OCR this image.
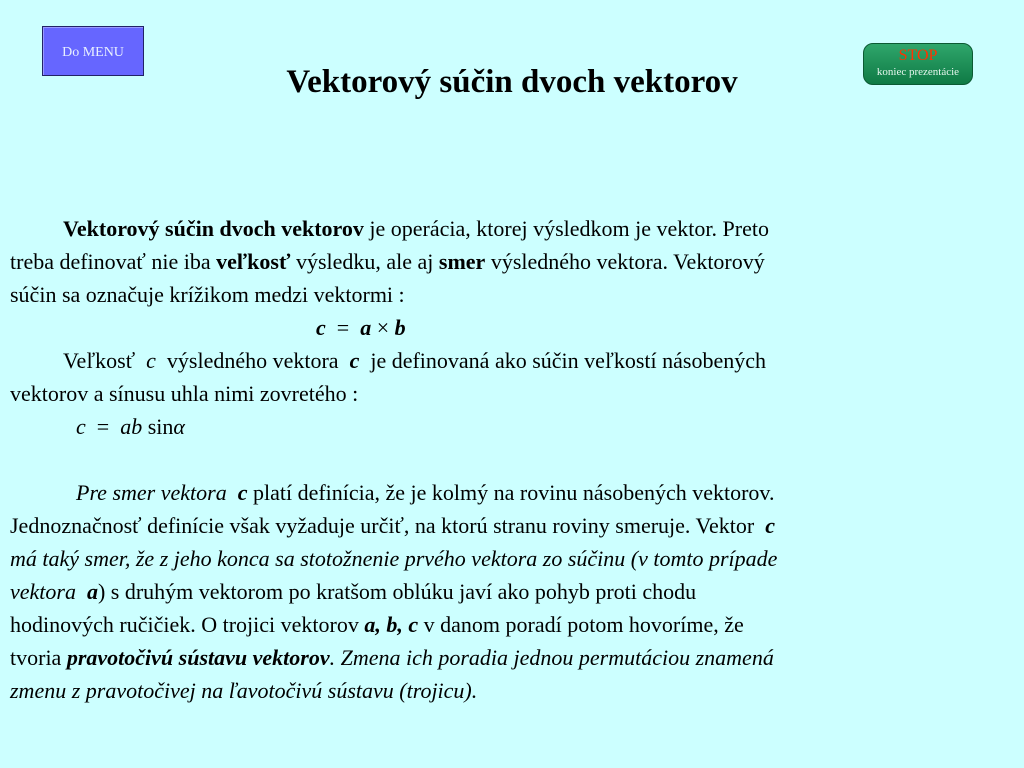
Do MENU	STOP
koniec prezentácie
Vektorový súčin dvoch vektorov
Vektorový súčin dvoch vektorov je operácia, ktorej výsledkom je vektor. Preto
treba definovať nie iba veľkosť výsledku, ale aj smer výsledného vektora. Vektorový
súčin sa označuje krížikom medzi vektormi :
c  =  a × b
Veľkosť  c  výsledného vektora  c  je definovaná ako súčin veľkostí násobených
vektorov a sínusu uhla nimi zovretého :
c  =  ab sinα
Pre smer vektora  c platí definícia, že je kolmý na rovinu násobených vektorov.
Jednoznačnosť definície však vyžaduje určiť, na ktorú stranu roviny smeruje. Vektor  c
má taký smer, že z jeho konca sa stotožnenie prvého vektora zo súčinu (v tomto prípade
vektora  a) s druhým vektorom po kratšom oblúku javí ako pohyb proti chodu
hodinových ručičiek. O trojici vektorov a, b, c v danom poradí potom hovoríme, že
tvoria pravotočivú sústavu vektorov. Zmena ich poradia jednou permutáciou znamená
zmenu z pravotočivej na ľavotočivú sústavu (trojicu).
